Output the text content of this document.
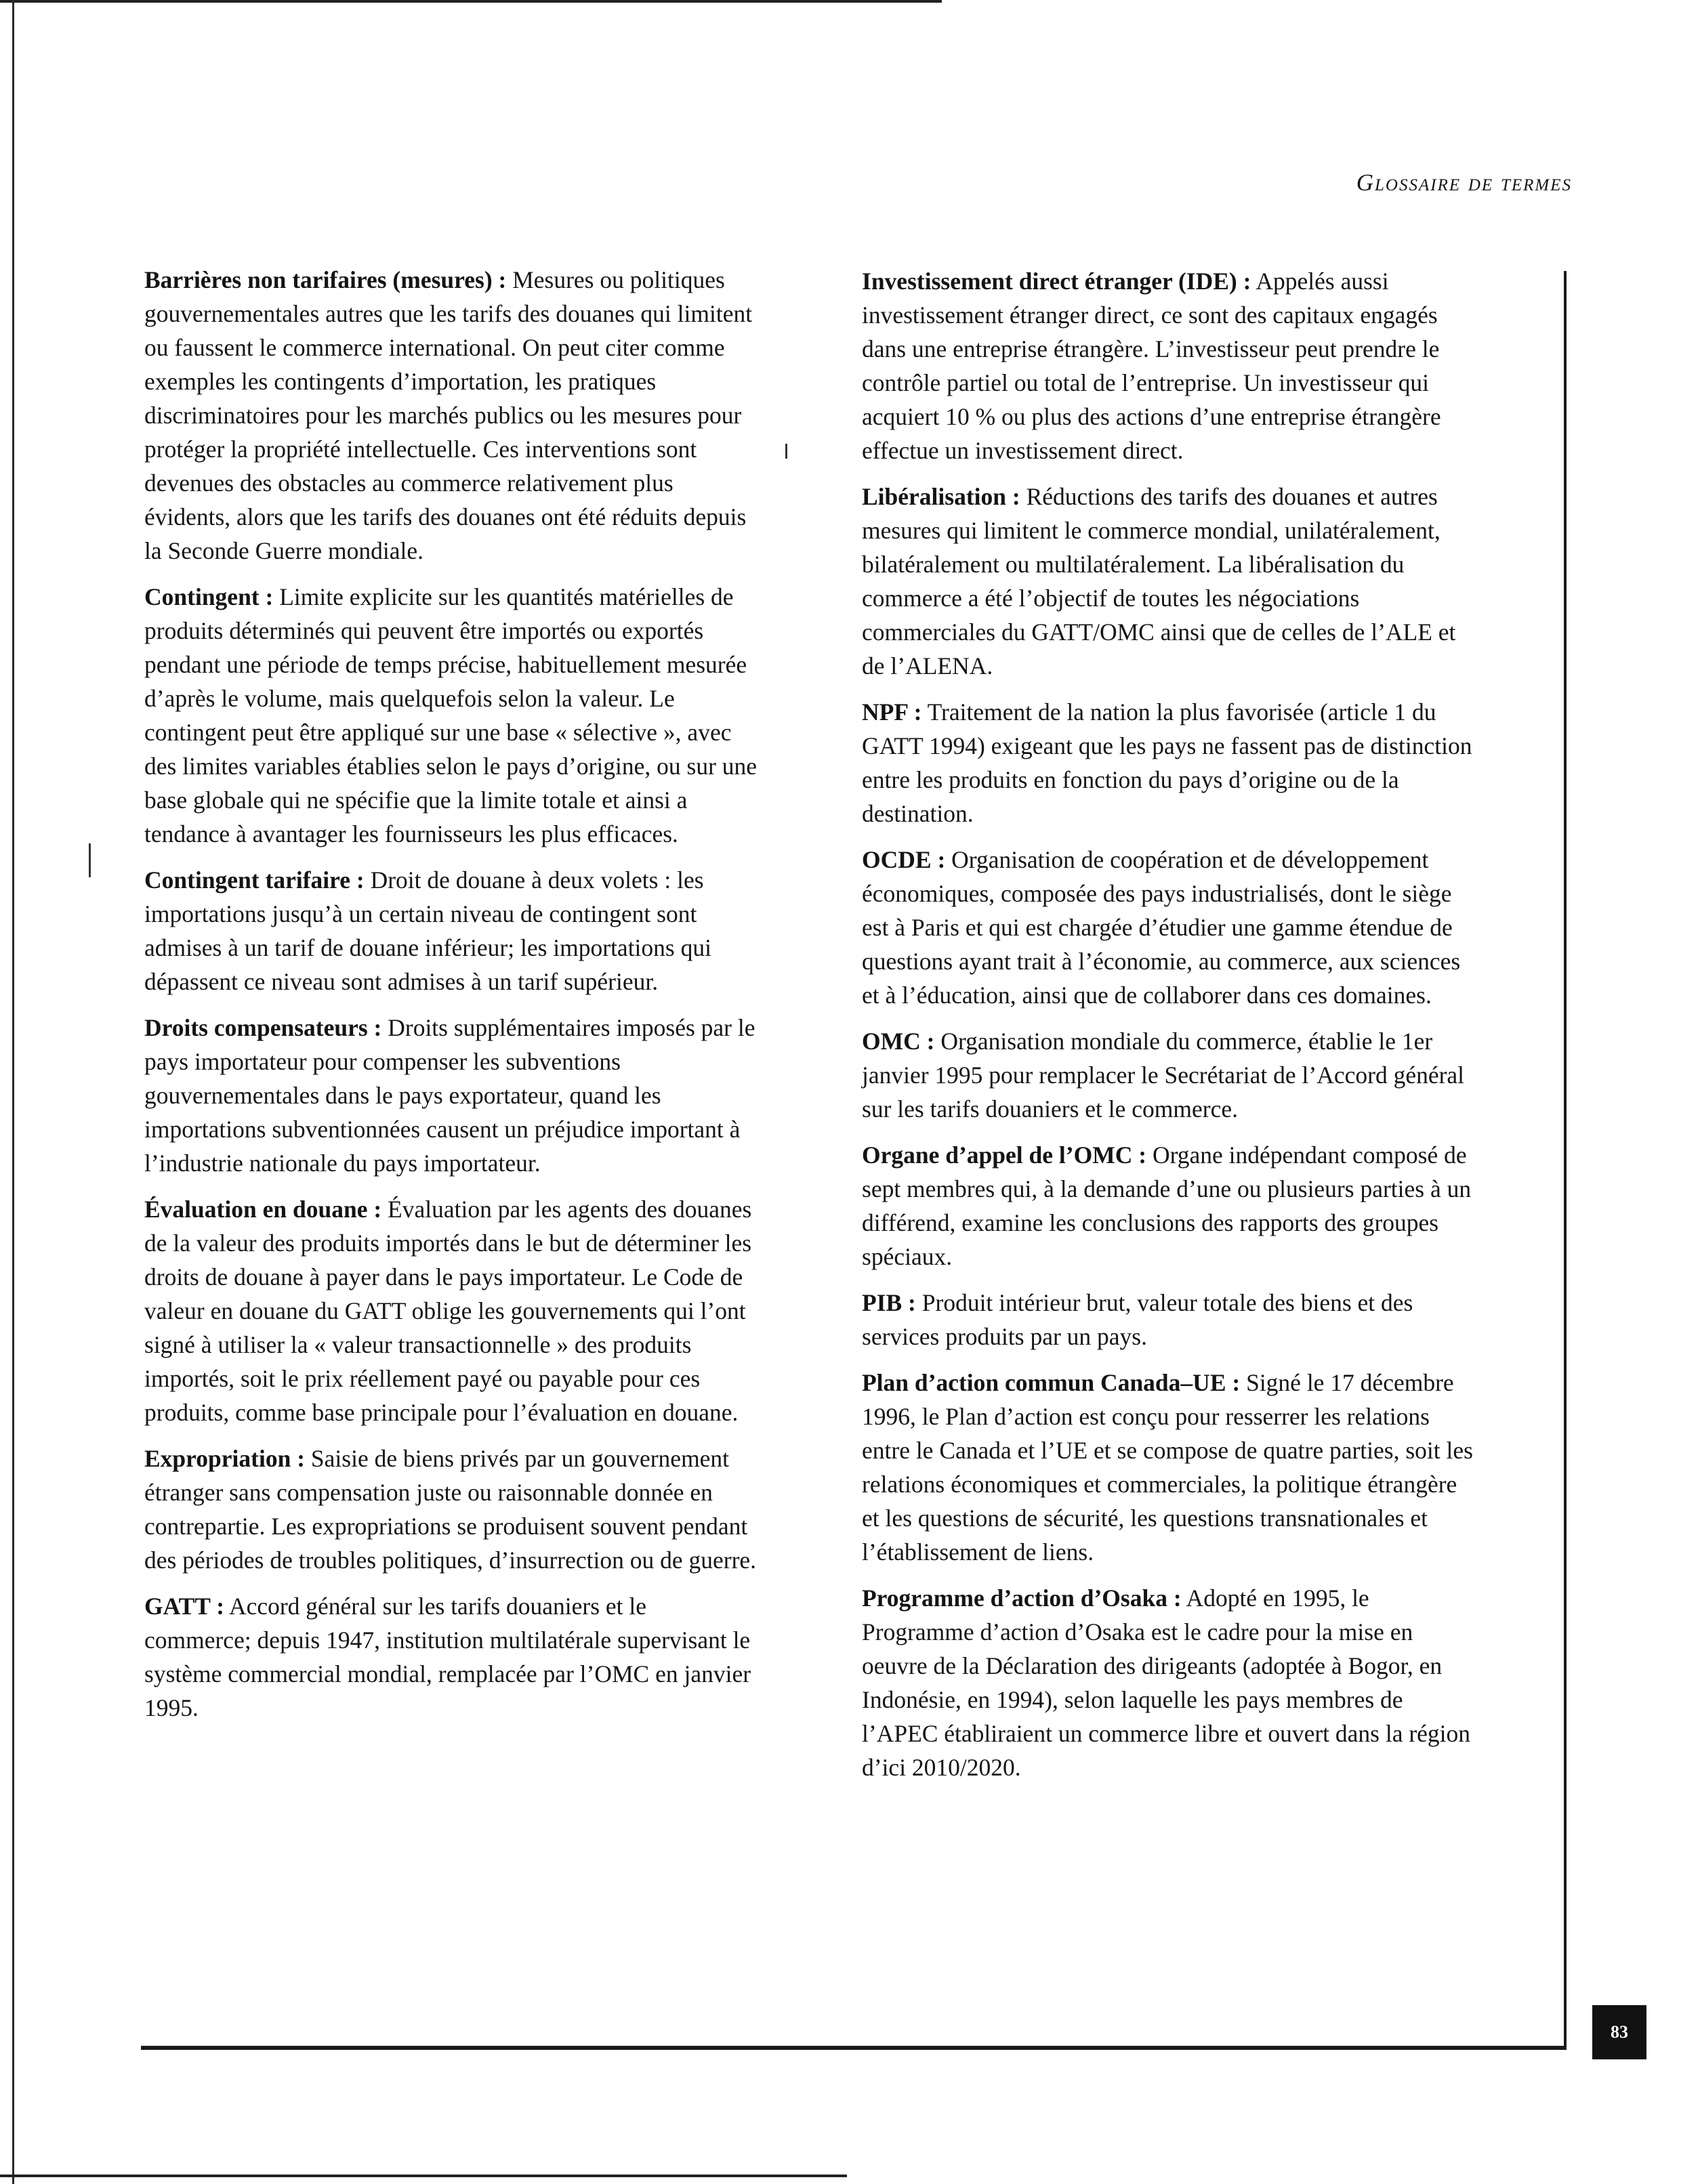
Glossaire de termes

Barrières non tarifaires (mesures) : Mesures ou politiques gouvernementales autres que les tarifs des douanes qui limitent ou faussent le commerce international. On peut citer comme exemples les contingents d’importation, les pratiques discriminatoires pour les marchés publics ou les mesures pour protéger la propriété intellectuelle. Ces interventions sont devenues des obstacles au commerce relativement plus évidents, alors que les tarifs des douanes ont été réduits depuis la Seconde Guerre mondiale.

Contingent : Limite explicite sur les quantités matérielles de produits déterminés qui peuvent être importés ou exportés pendant une période de temps précise, habituellement mesurée d’après le volume, mais quelquefois selon la valeur. Le contingent peut être appliqué sur une base « sélective », avec des limites variables établies selon le pays d’origine, ou sur une base globale qui ne spécifie que la limite totale et ainsi a tendance à avantager les fournisseurs les plus efficaces.

Contingent tarifaire : Droit de douane à deux volets : les importations jusqu’à un certain niveau de contingent sont admises à un tarif de douane inférieur; les importations qui dépassent ce niveau sont admises à un tarif supérieur.

Droits compensateurs : Droits supplémentaires imposés par le pays importateur pour compenser les subventions gouvernementales dans le pays exportateur, quand les importations subventionnées causent un préjudice important à l’industrie nationale du pays importateur.

Évaluation en douane : Évaluation par les agents des douanes de la valeur des produits importés dans le but de déterminer les droits de douane à payer dans le pays importateur. Le Code de valeur en douane du GATT oblige les gouvernements qui l’ont signé à utiliser la « valeur transactionnelle » des produits importés, soit le prix réellement payé ou payable pour ces produits, comme base principale pour l’évaluation en douane.

Expropriation : Saisie de biens privés par un gouvernement étranger sans compensation juste ou raisonnable donnée en contrepartie. Les expropriations se produisent souvent pendant des périodes de troubles politiques, d’insurrection ou de guerre.

GATT : Accord général sur les tarifs douaniers et le commerce; depuis 1947, institution multilatérale supervisant le système commercial mondial, remplacée par l’OMC en janvier 1995.

Investissement direct étranger (IDE) : Appelés aussi investissement étranger direct, ce sont des capitaux engagés dans une entreprise étrangère. L’investisseur peut prendre le contrôle partiel ou total de l’entreprise. Un investisseur qui acquiert 10 % ou plus des actions d’une entreprise étrangère effectue un investissement direct.

Libéralisation : Réductions des tarifs des douanes et autres mesures qui limitent le commerce mondial, unilatéralement, bilatéralement ou multilatéralement. La libéralisation du commerce a été l’objectif de toutes les négociations commerciales du GATT/OMC ainsi que de celles de l’ALE et de l’ALENA.

NPF : Traitement de la nation la plus favorisée (article 1 du GATT 1994) exigeant que les pays ne fassent pas de distinction entre les produits en fonction du pays d’origine ou de la destination.

OCDE : Organisation de coopération et de développement économiques, composée des pays industrialisés, dont le siège est à Paris et qui est chargée d’étudier une gamme étendue de questions ayant trait à l’économie, au commerce, aux sciences et à l’éducation, ainsi que de collaborer dans ces domaines.

OMC : Organisation mondiale du commerce, établie le 1er janvier 1995 pour remplacer le Secrétariat de l’Accord général sur les tarifs douaniers et le commerce.

Organe d’appel de l’OMC : Organe indépendant composé de sept membres qui, à la demande d’une ou plusieurs parties à un différend, examine les conclusions des rapports des groupes spéciaux.

PIB : Produit intérieur brut, valeur totale des biens et des services produits par un pays.

Plan d’action commun Canada–UE : Signé le 17 décembre 1996, le Plan d’action est conçu pour resserrer les relations entre le Canada et l’UE et se compose de quatre parties, soit les relations économiques et commerciales, la politique étrangère et les questions de sécurité, les questions transnationales et l’établissement de liens.

Programme d’action d’Osaka : Adopté en 1995, le Programme d’action d’Osaka est le cadre pour la mise en oeuvre de la Déclaration des dirigeants (adoptée à Bogor, en Indonésie, en 1994), selon laquelle les pays membres de l’APEC établiraient un commerce libre et ouvert dans la région d’ici 2010/2020.

83
